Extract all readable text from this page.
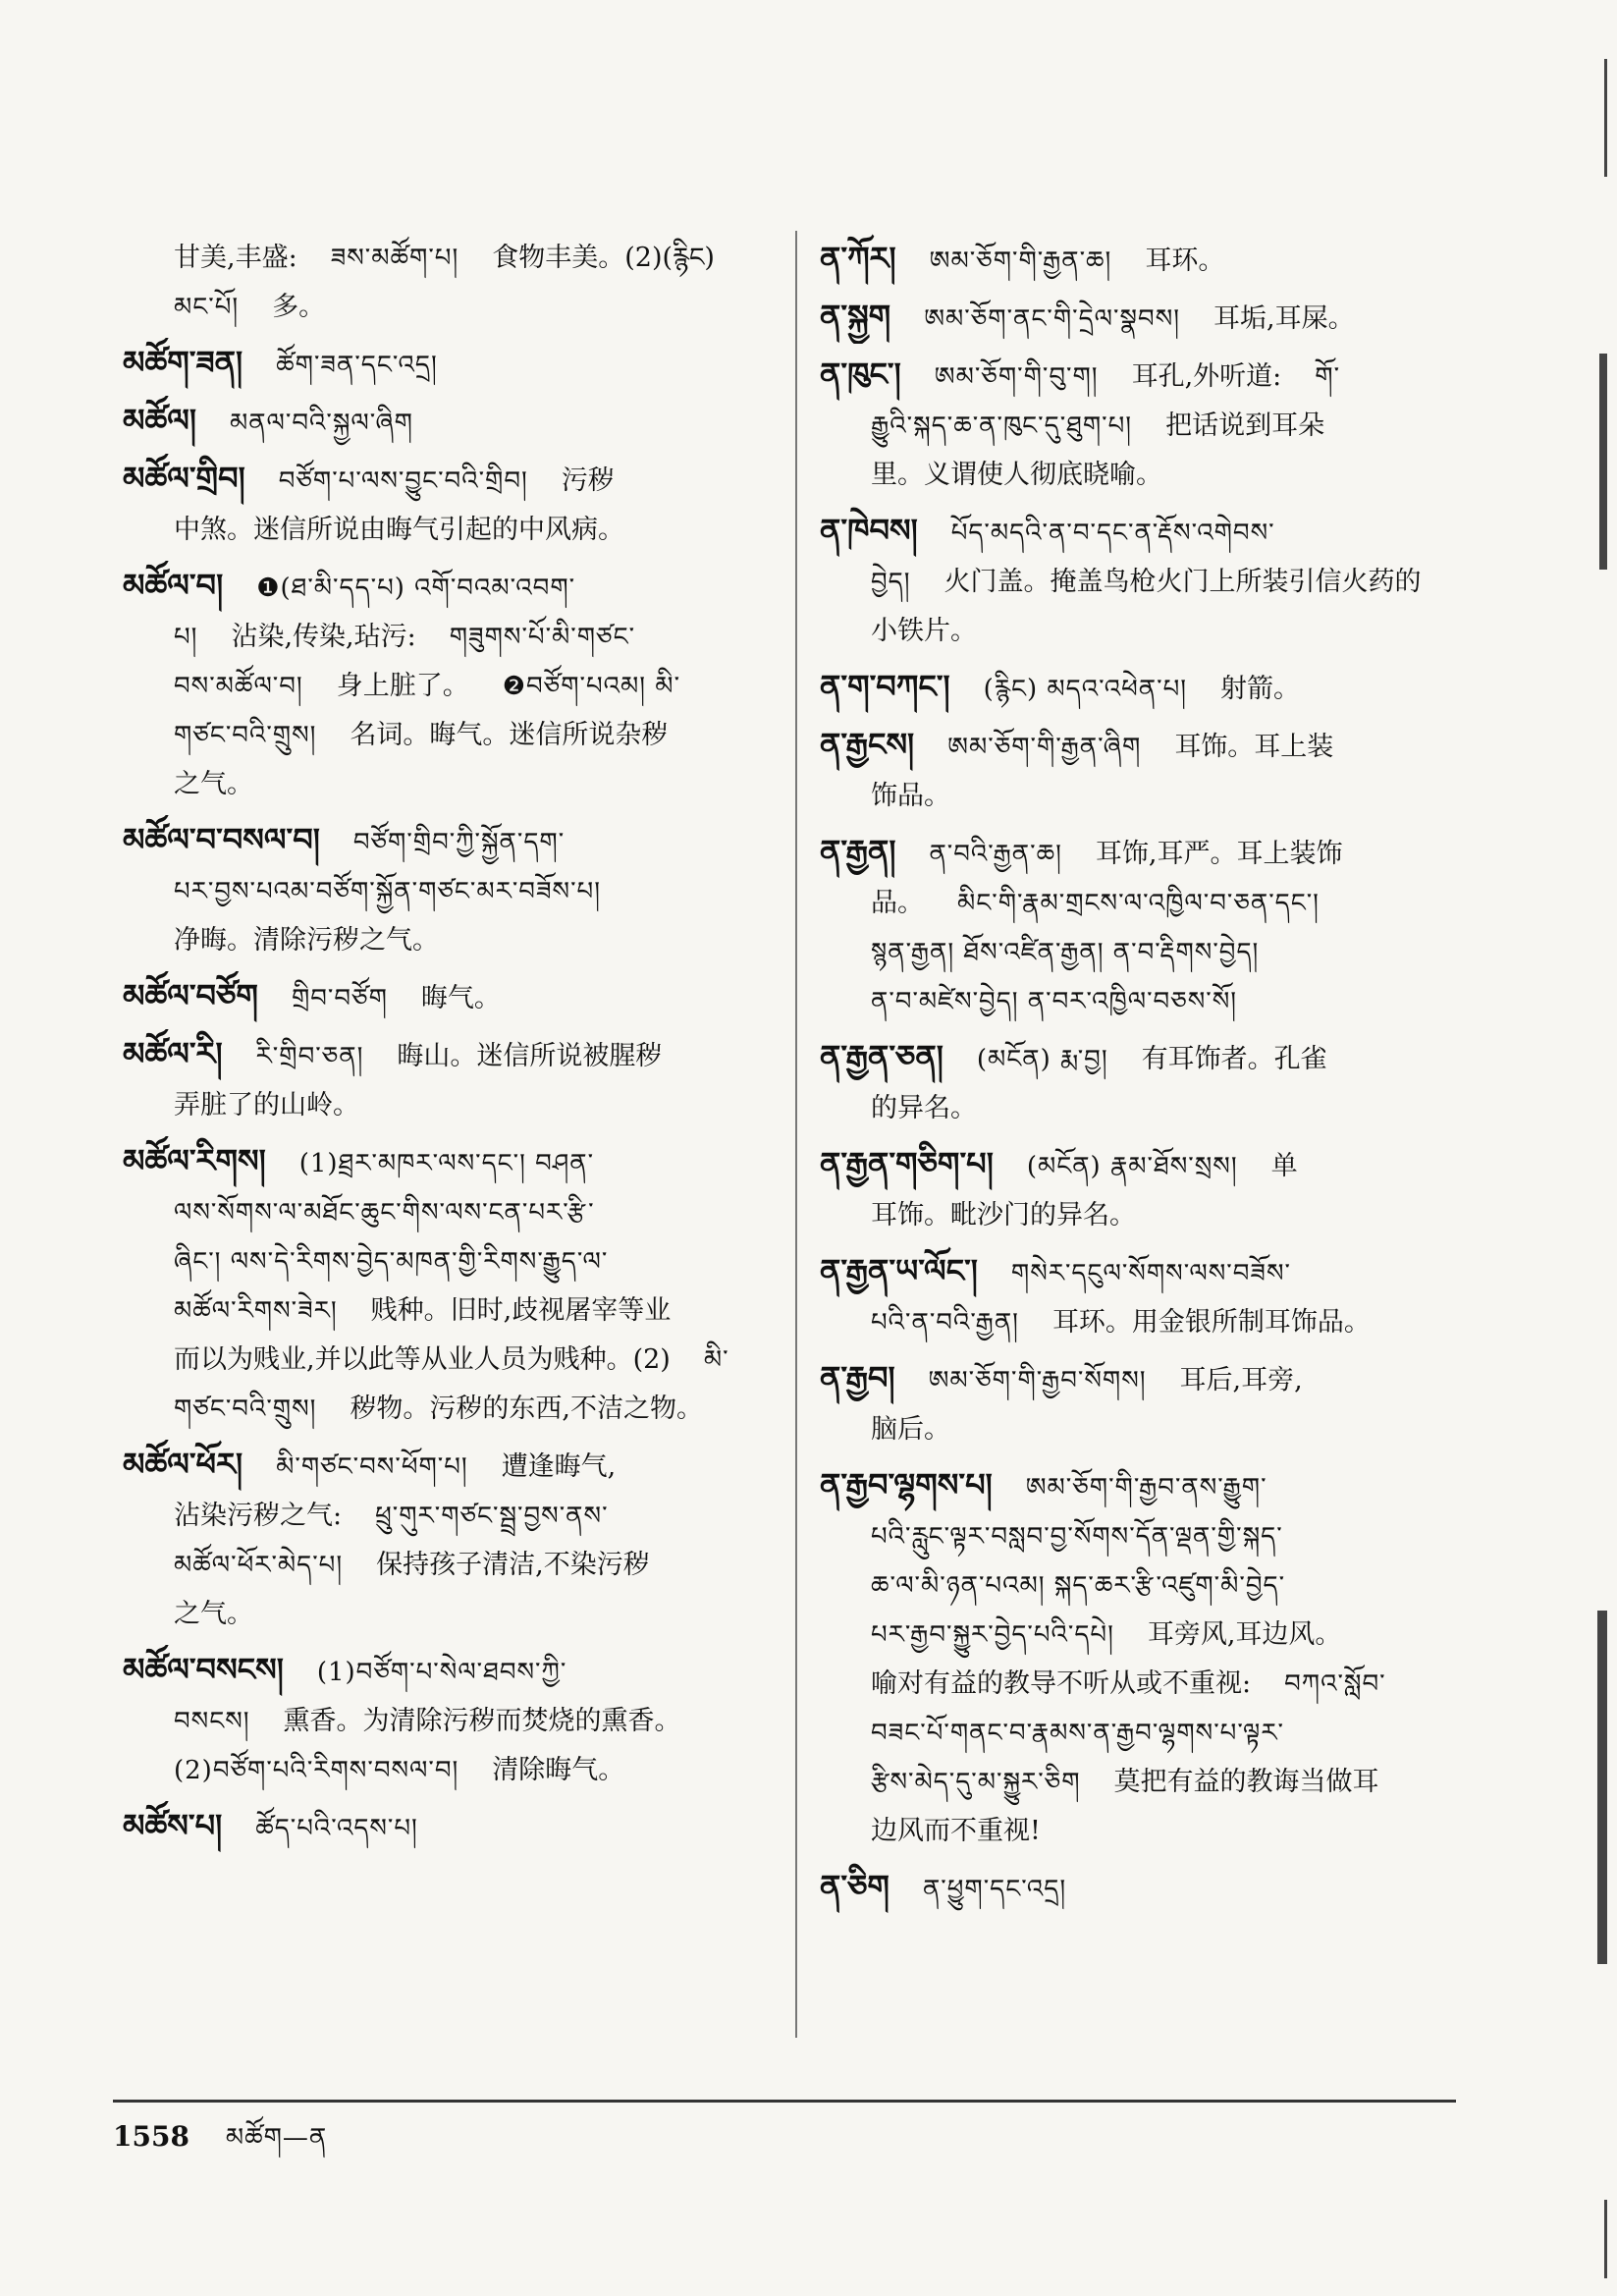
甘美,丰盛: ཟས་མཚོག་པ། 食物丰美。(2)(རྙིང)
མང་པོ། 多。
མཚོག་ཟན། ཚོག་ཟན་དང་འདྲ།
མཚོལ། མནལ་བའི་སྐྱལ་ཞིག
མཚོལ་གྲིབ། བཙོག་པ་ལས་བྱུང་བའི་གྲིབ། 污秽
中煞。迷信所说由晦气引起的中风病。
མཚོལ་བ། ❶(ཐ་མི་དད་པ) འགོ་བའམ་འབག་
པ། 沾染,传染,玷污: གཟུགས་པོ་མི་གཙང་
བས་མཚོལ་བ། 身上脏了。 ❷བཙོག་པའམ། མི་
གཙང་བའི་གྲུས། 名词。晦气。迷信所说杂秽
之气。
མཚོལ་བ་བསལ་བ། བཙོག་གྲིབ་ཀྱི་སྐྱོན་དག་
པར་བྱས་པའམ་བཙོག་སྐྱོན་གཙང་མར་བཟོས་པ།
净晦。清除污秽之气。
མཚོལ་བཙོག གྲིབ་བཙོག 晦气。
མཚོལ་རི། རི་གྲིབ་ཅན། 晦山。迷信所说被腥秽
弄脏了的山岭。
མཚོལ་རིགས། (1)ཐྲར་མཁར་ལས་དང་། བཤན་
ལས་སོགས་ལ་མཐོང་ཆུང་གིས་ལས་ངན་པར་རྩི་
ཞིང་། ལས་དེ་རིགས་བྱེད་མཁན་གྱི་རིགས་རྒྱུད་ལ་
མཚོལ་རིགས་ཟེར། 贱种。旧时,歧视屠宰等业
而以为贱业,并以此等从业人员为贱种。(2) མི་
གཙང་བའི་གྲུས། 秽物。污秽的东西,不洁之物。
མཚོལ་ཕོར། མི་གཙང་བས་ཕོག་པ། 遭逢晦气,
沾染污秽之气: ཕྲུ་གུར་གཙང་སྦྲ་བྱས་ནས་
མཚོལ་ཕོར་མེད་པ། 保持孩子清洁,不染污秽
之气。
མཚོལ་བསངས། (1)བཙོག་པ་སེལ་ཐབས་ཀྱི་
བསངས། 熏香。为清除污秽而焚烧的熏香。
(2)བཙོག་པའི་རིགས་བསལ་བ། 清除晦气。
མཚོས་པ། ཚོད་པའི་འདས་པ།
ན་ཀོར། ཨམ་ཅོག་གི་རྒྱན་ཆ། 耳环。
ན་སྐྱག ཨམ་ཅོག་ནང་གི་དྲེལ་སྣབས། 耳垢,耳屎。
ན་ཁུང་། ཨམ་ཅོག་གི་བུ་ག། 耳孔,外听道: གོ་
རྒྱུའི་སྐད་ཆ་ན་ཁུང་དུ་ཐུག་པ། 把话说到耳朵
里。义谓使人彻底晓喻。
ན་ཁེབས། པོད་མདའི་ན་བ་དང་ན་རྡོས་འགེབས་
བྱེད། 火门盖。掩盖鸟枪火门上所装引信火药的
小铁片。
ན་ག་བཀང་། (རྙིང) མདའ་འཕེན་པ། 射箭。
ན་རྒྱངས། ཨམ་ཅོག་གི་རྒྱན་ཞིག 耳饰。耳上装
饰品。
ན་རྒྱན། ན་བའི་རྒྱན་ཆ། 耳饰,耳严。耳上装饰
品。 མིང་གི་རྣམ་གྲངས་ལ་འཁྱིལ་བ་ཅན་དང་།
སྙན་རྒྱན། ཐོས་འཛིན་རྒྱན། ན་བ་རྡིགས་བྱེད།
ན་བ་མཛེས་བྱེད། ན་བར་འཁྱིལ་བཅས་སོ།
ན་རྒྱན་ཅན། (མངོན) རྨ་བྱ། 有耳饰者。孔雀
的异名。
ན་རྒྱན་གཅིག་པ། (མངོན) རྣམ་ཐོས་སྲས། 单
耳饰。毗沙门的异名。
ན་རྒྱན་ཡ་ལོང་། གསེར་དངུལ་སོགས་ལས་བཟོས་
པའི་ན་བའི་རྒྱན། 耳环。用金银所制耳饰品。
ན་རྒྱབ། ཨམ་ཅོག་གི་རྒྱབ་སོགས། 耳后,耳旁,
脑后。
ན་རྒྱབ་ལྷགས་པ། ཨམ་ཅོག་གི་རྒྱབ་ནས་རྒྱུག་
པའི་རླུང་ལྟར་བསླབ་བྱ་སོགས་དོན་ལྡན་གྱི་སྐད་
ཆ་ལ་མི་ཉན་པའམ། སྐད་ཆར་རྩི་འཛུག་མི་བྱེད་
པར་རྒྱབ་སྐྱུར་བྱེད་པའི་དཔེ། 耳旁风,耳边风。
喻对有益的教导不听从或不重视: བཀའ་སློབ་
བཟང་པོ་གནང་བ་རྣམས་ན་རྒྱབ་ལྷགས་པ་ལྟར་
རྩིས་མེད་དུ་མ་སྐྱུར་ཅིག 莫把有益的教诲当做耳
边风而不重视!
ན་ཅིག ན་ཕྱུག་དང་འདྲ།
1558 མཚོག—ན
